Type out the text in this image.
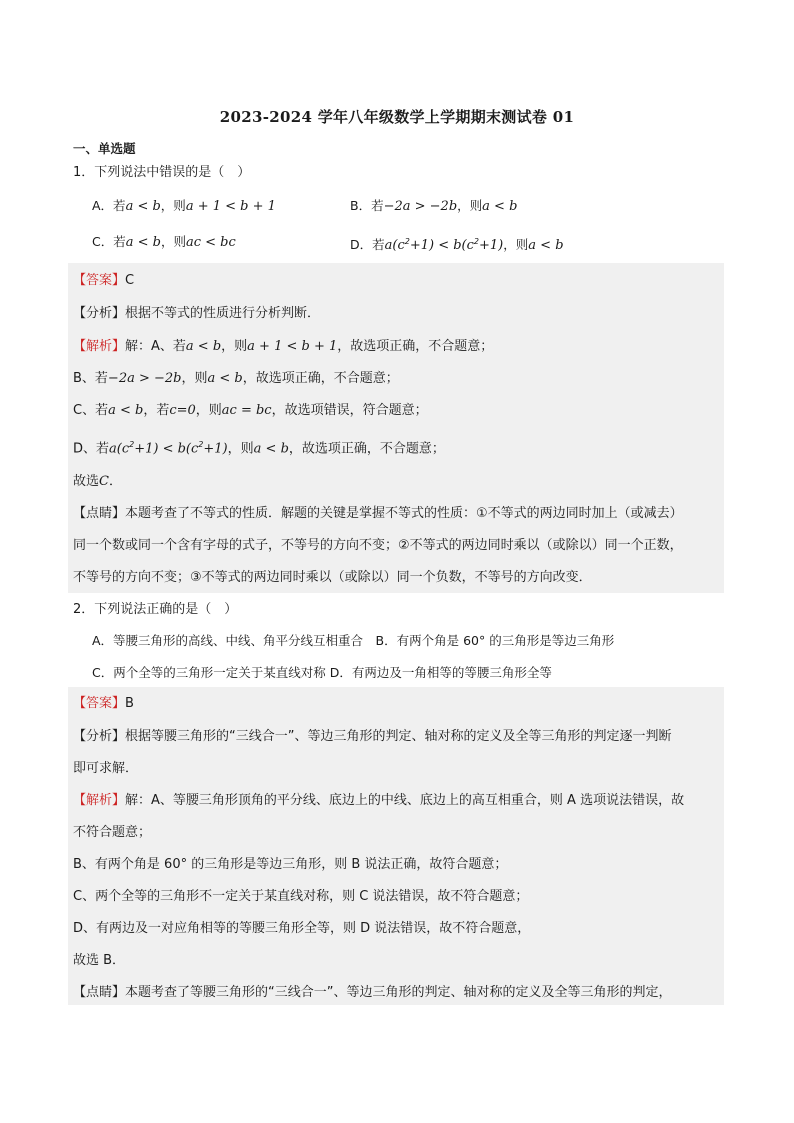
2023-2024 学年八年级数学上学期期末测试卷 01
一、单选题
1．下列说法中错误的是（　）
A．若a < b，则a + 1 < b + 1	B．若−2a > −2b，则a < b
C．若a < b，则ac < bc	D．若$a(c^2+1) < b(c^2+1)$，则a < b
【答案】C
【分析】根据不等式的性质进行分析判断．
【解析】解：A、若a < b，则a + 1 < b + 1，故选项正确，不合题意；
B、若−2a > −2b，则a < b，故选项正确，不合题意；
C、若a < b，若c=0，则ac = bc，故选项错误，符合题意；
D、若$a(c^2+1) < b(c^2+1)$，则a < b，故选项正确，不合题意；
故选C．
【点睛】本题考查了不等式的性质．解题的关键是掌握不等式的性质：①不等式的两边同时加上（或减去）
同一个数或同一个含有字母的式子，不等号的方向不变；②不等式的两边同时乘以（或除以）同一个正数，
不等号的方向不变；③不等式的两边同时乘以（或除以）同一个负数，不等号的方向改变．
2．下列说法正确的是（　）
A．等腰三角形的高线、中线、角平分线互相重合　B．有两个角是 60° 的三角形是等边三角形
C．两个全等的三角形一定关于某直线对称 D．有两边及一角相等的等腰三角形全等
【答案】B
【分析】根据等腰三角形的“三线合一”、等边三角形的判定、轴对称的定义及全等三角形的判定逐一判断
即可求解．
【解析】解：A、等腰三角形顶角的平分线、底边上的中线、底边上的高互相重合，则 A 选项说法错误，故
不符合题意；
B、有两个角是 60° 的三角形是等边三角形，则 B 说法正确，故符合题意；
C、两个全等的三角形不一定关于某直线对称，则 C 说法错误，故不符合题意；
D、有两边及一对应角相等的等腰三角形全等，则 D 说法错误，故不符合题意，
故选 B．
【点睛】本题考查了等腰三角形的“三线合一”、等边三角形的判定、轴对称的定义及全等三角形的判定，
